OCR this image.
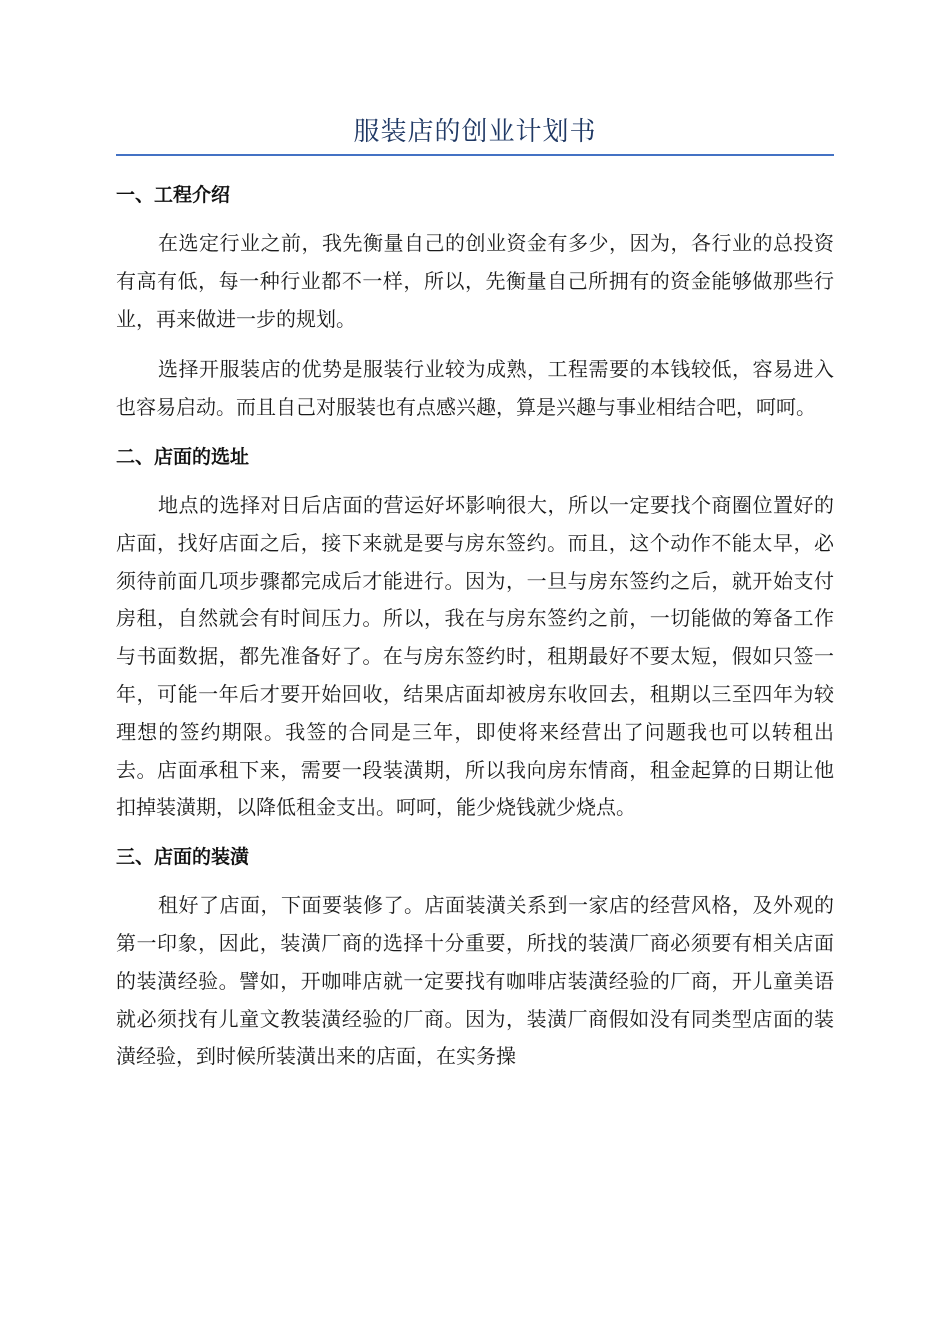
服装店的创业计划书
一、工程介绍

在选定行业之前，我先衡量自己的创业资金有多少，因为，各行业的总投资有高有低，每一种行业都不一样，所以，先衡量自己所拥有的资金能够做那些行业，再来做进一步的规划。

选择开服装店的优势是服装行业较为成熟，工程需要的本钱较低，容易进入也容易启动。而且自己对服装也有点感兴趣，算是兴趣与事业相结合吧，呵呵。

二、店面的选址

地点的选择对日后店面的营运好坏影响很大，所以一定要找个商圈位置好的店面，找好店面之后，接下来就是要与房东签约。而且，这个动作不能太早，必须待前面几项步骤都完成后才能进行。因为，一旦与房东签约之后，就开始支付房租，自然就会有时间压力。所以，我在与房东签约之前，一切能做的筹备工作与书面数据，都先准备好了。在与房东签约时，租期最好不要太短，假如只签一年，可能一年后才要开始回收，结果店面却被房东收回去，租期以三至四年为较理想的签约期限。我签的合同是三年，即使将来经营出了问题我也可以转租出去。店面承租下来，需要一段装潢期，所以我向房东情商，租金起算的日期让他扣掉装潢期，以降低租金支出。呵呵，能少烧钱就少烧点。

三、店面的装潢

租好了店面，下面要装修了。店面装潢关系到一家店的经营风格，及外观的第一印象，因此，装潢厂商的选择十分重要，所找的装潢厂商必须要有相关店面的装潢经验。譬如，开咖啡店就一定要找有咖啡店装潢经验的厂商，开儿童美语就必须找有儿童文教装潢经验的厂商。因为，装潢厂商假如没有同类型店面的装潢经验，到时候所装潢出来的店面，在实务操
